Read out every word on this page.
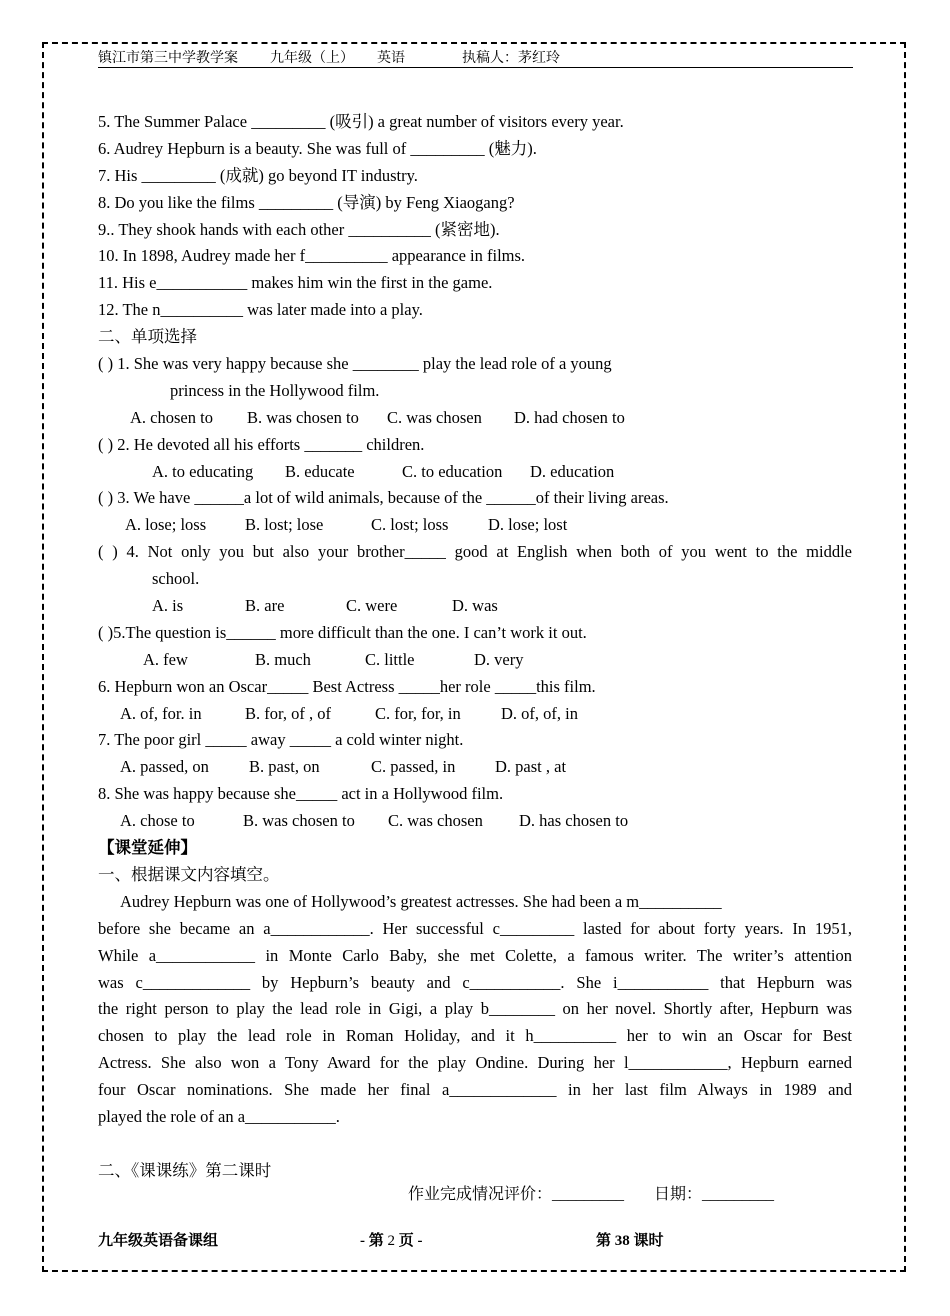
镇江市第三中学教学案 九年级（上） 英语	执稿人：茅红玲
5. The Summer Palace _________ (吸引) a great number of visitors every year.
6. Audrey Hepburn is a beauty. She was full of _________ (魅力).
7. His _________ (成就) go beyond IT industry.
8. Do you like the films _________ (导演) by Feng Xiaogang?
9.. They shook hands with each other __________ (紧密地).
10. In 1898, Audrey made her f__________ appearance in films.
11. His e___________ makes him win the first in the game.
12. The n__________ was later made into a play.
二、单项选择
( ) 1. She was very happy because she ________ play the lead role of a young
princess in the Hollywood film.
A. chosen to B. was chosen to C. was chosen D. had chosen to
( ) 2. He devoted all his efforts _______ children.
A. to educating B. educate	C. to education D. education
( ) 3. We have ______a lot of wild animals, because of the ______of their living areas.
A. lose; loss B. lost; lose	C. lost; loss D. lose; lost
( ) 4. Not only you but also your brother_____ good at English when both of you went to the middle
school.
A. is	B. are	C. were	D. was
( )5.The question is______ more difficult than the one. I can’t work it out.
A. few	B. much	C. little	D. very
6. Hepburn won an Oscar_____ Best Actress _____her role _____this film.
A. of, for. in	B. for, of , of	C. for, for, in D. of, of, in
7. The poor girl _____ away _____ a cold winter night.
A. passed, on B. past, on	C. passed, in D. past , at
8. She was happy because she_____ act in a Hollywood film.
A. chose to	B. was chosen to C. was chosen D. has chosen to
【课堂延伸】
一、根据课文内容填空。
Audrey Hepburn was one of Hollywood’s greatest actresses. She had been a m__________
before she became an a____________. Her successful c_________ lasted for about forty years. In 1951,
While a____________ in Monte Carlo Baby, she met Colette, a famous writer. The writer’s attention
was c_____________ by Hepburn’s beauty and c___________. She i___________ that Hepburn was
the right person to play the lead role in Gigi, a play b________ on her novel. Shortly after, Hepburn was
chosen to play the lead role in Roman Holiday, and it h__________ her to win an Oscar for Best
Actress. She also won a Tony Award for the play Ondine. During her l____________, Hepburn earned
four Oscar nominations. She made her final a_____________ in her last film Always in 1989 and
played the role of an a___________.
二、《课课练》第二课时
作业完成情况评价：_________ 日期：_________
九年级英语备课组	- 第 2 页 -	第 38 课时
